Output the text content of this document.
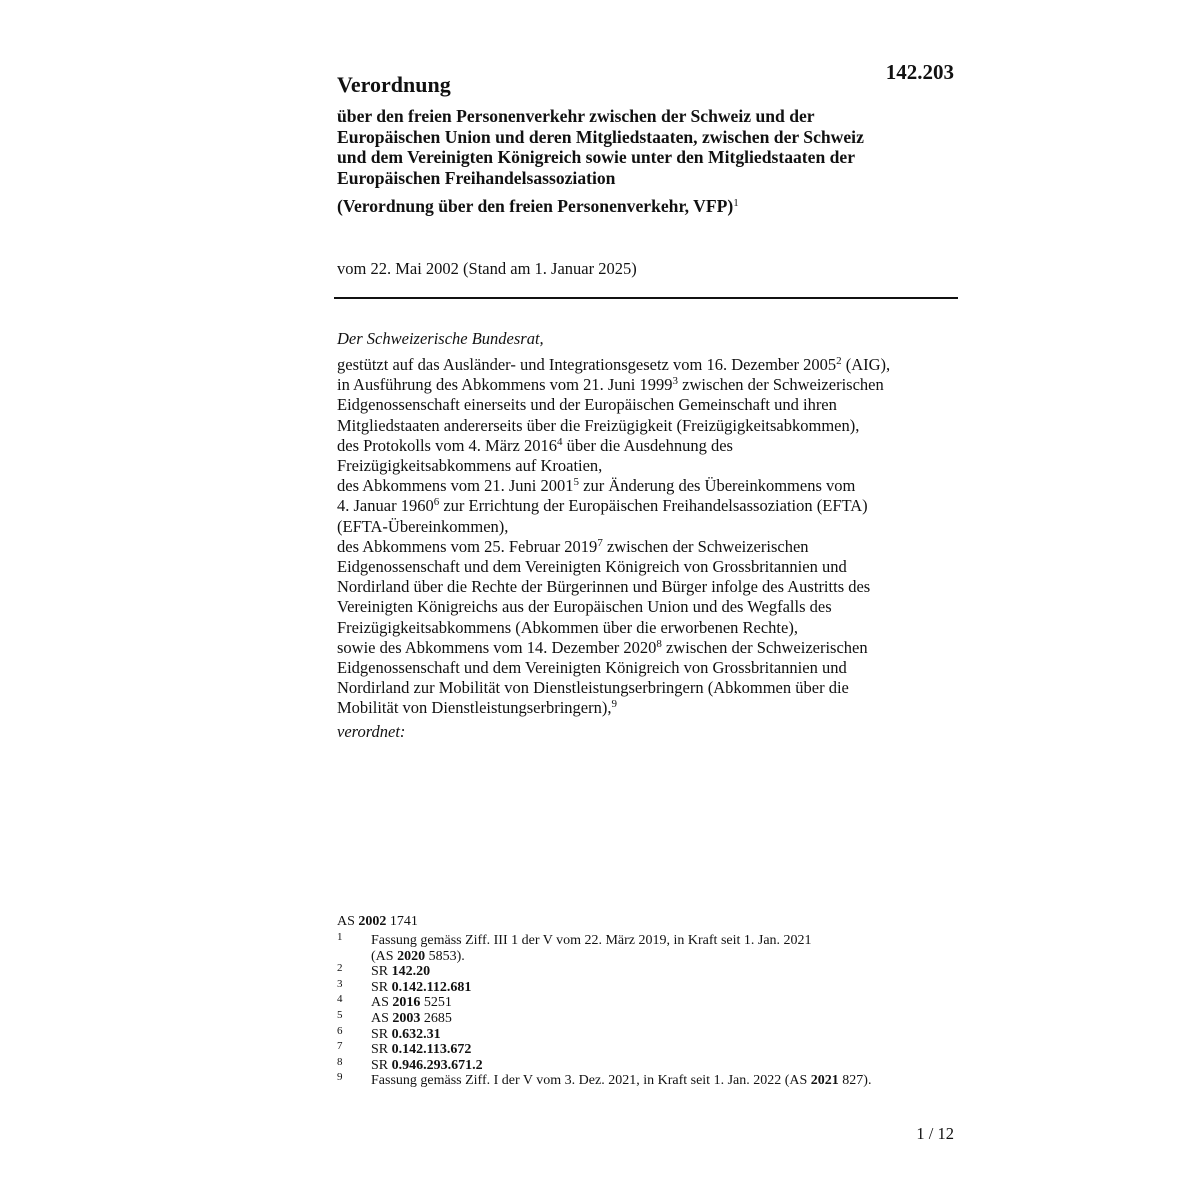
142.203
Verordnung
über den freien Personenverkehr zwischen der Schweiz und der
Europäischen Union und deren Mitgliedstaaten, zwischen der Schweiz
und dem Vereinigten Königreich sowie unter den Mitgliedstaaten der
Europäischen Freihandelsassoziation
(Verordnung über den freien Personenverkehr, VFP)$^1$
vom 22. Mai 2002 (Stand am 1. Januar 2025)
Der Schweizerische Bundesrat,
gestützt auf das Ausländer- und Integrationsgesetz vom 16. Dezember 2005$^2$ (AIG),
in Ausführung des Abkommens vom 21. Juni 1999$^3$ zwischen der Schweizerischen
Eidgenossenschaft einerseits und der Europäischen Gemeinschaft und ihren
Mitgliedstaaten andererseits über die Freizügigkeit (Freizügigkeitsabkommen),
des Protokolls vom 4. März 2016$^4$ über die Ausdehnung des
Freizügigkeitsabkommens auf Kroatien,
des Abkommens vom 21. Juni 2001$^5$ zur Änderung des Übereinkommens vom
4. Januar 1960$^6$ zur Errichtung der Europäischen Freihandelsassoziation (EFTA)
(EFTA-Übereinkommen),
des Abkommens vom 25. Februar 2019$^7$ zwischen der Schweizerischen
Eidgenossenschaft und dem Vereinigten Königreich von Grossbritannien und
Nordirland über die Rechte der Bürgerinnen und Bürger infolge des Austritts des
Vereinigten Königreichs aus der Europäischen Union und des Wegfalls des
Freizügigkeitsabkommens (Abkommen über die erworbenen Rechte),
sowie des Abkommens vom 14. Dezember 2020$^8$ zwischen der Schweizerischen
Eidgenossenschaft und dem Vereinigten Königreich von Grossbritannien und
Nordirland zur Mobilität von Dienstleistungserbringern (Abkommen über die
Mobilität von Dienstleistungserbringern),$^9$
verordnet:
AS 2002 1741
1 Fassung gemäss Ziff. III 1 der V vom 22. März 2019, in Kraft seit 1. Jan. 2021
(AS 2020 5853).
2 SR 142.20
3 SR 0.142.112.681
4 AS 2016 5251
5 AS 2003 2685
6 SR 0.632.31
7 SR 0.142.113.672
8 SR 0.946.293.671.2
9 Fassung gemäss Ziff. I der V vom 3. Dez. 2021, in Kraft seit 1. Jan. 2022 (AS 2021 827).
1 / 12
